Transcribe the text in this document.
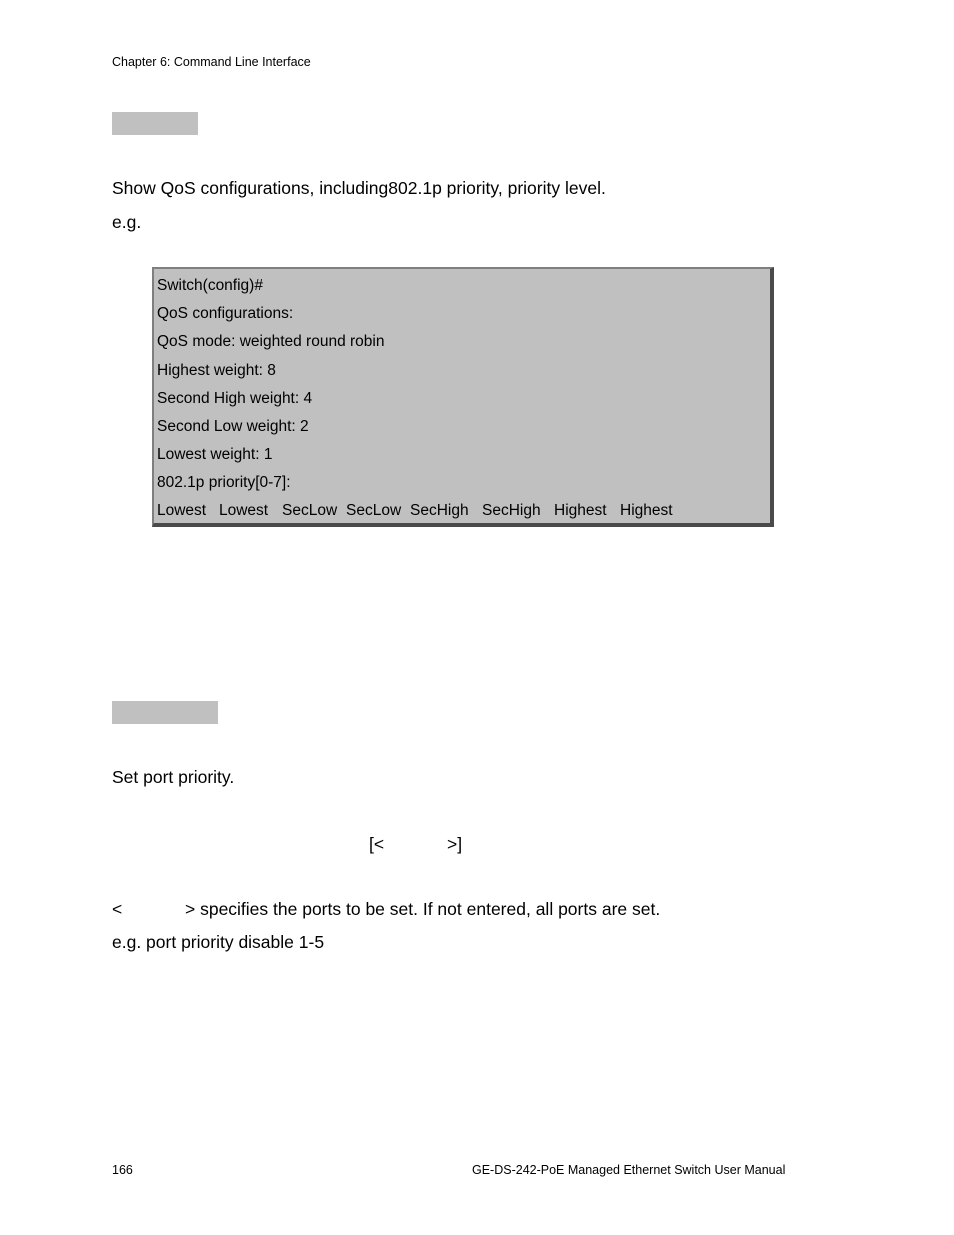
Chapter 6: Command Line Interface
Show QoS configurations, including802.1p priority, priority level.
e.g.
Switch(config)#
QoS configurations:
QoS mode: weighted round robin
Highest weight: 8
Second High weight: 4
Second Low weight: 2
Lowest weight: 1
802.1p priority[0-7]:
Lowest Lowest SecLow SecLow SecHigh SecHigh Highest Highest
Set port priority.
[<	>]
<	> specifies the ports to be set. If not entered, all ports are set.
e.g. port priority disable 1-5
166	GE-DS-242-PoE Managed Ethernet Switch User Manual
